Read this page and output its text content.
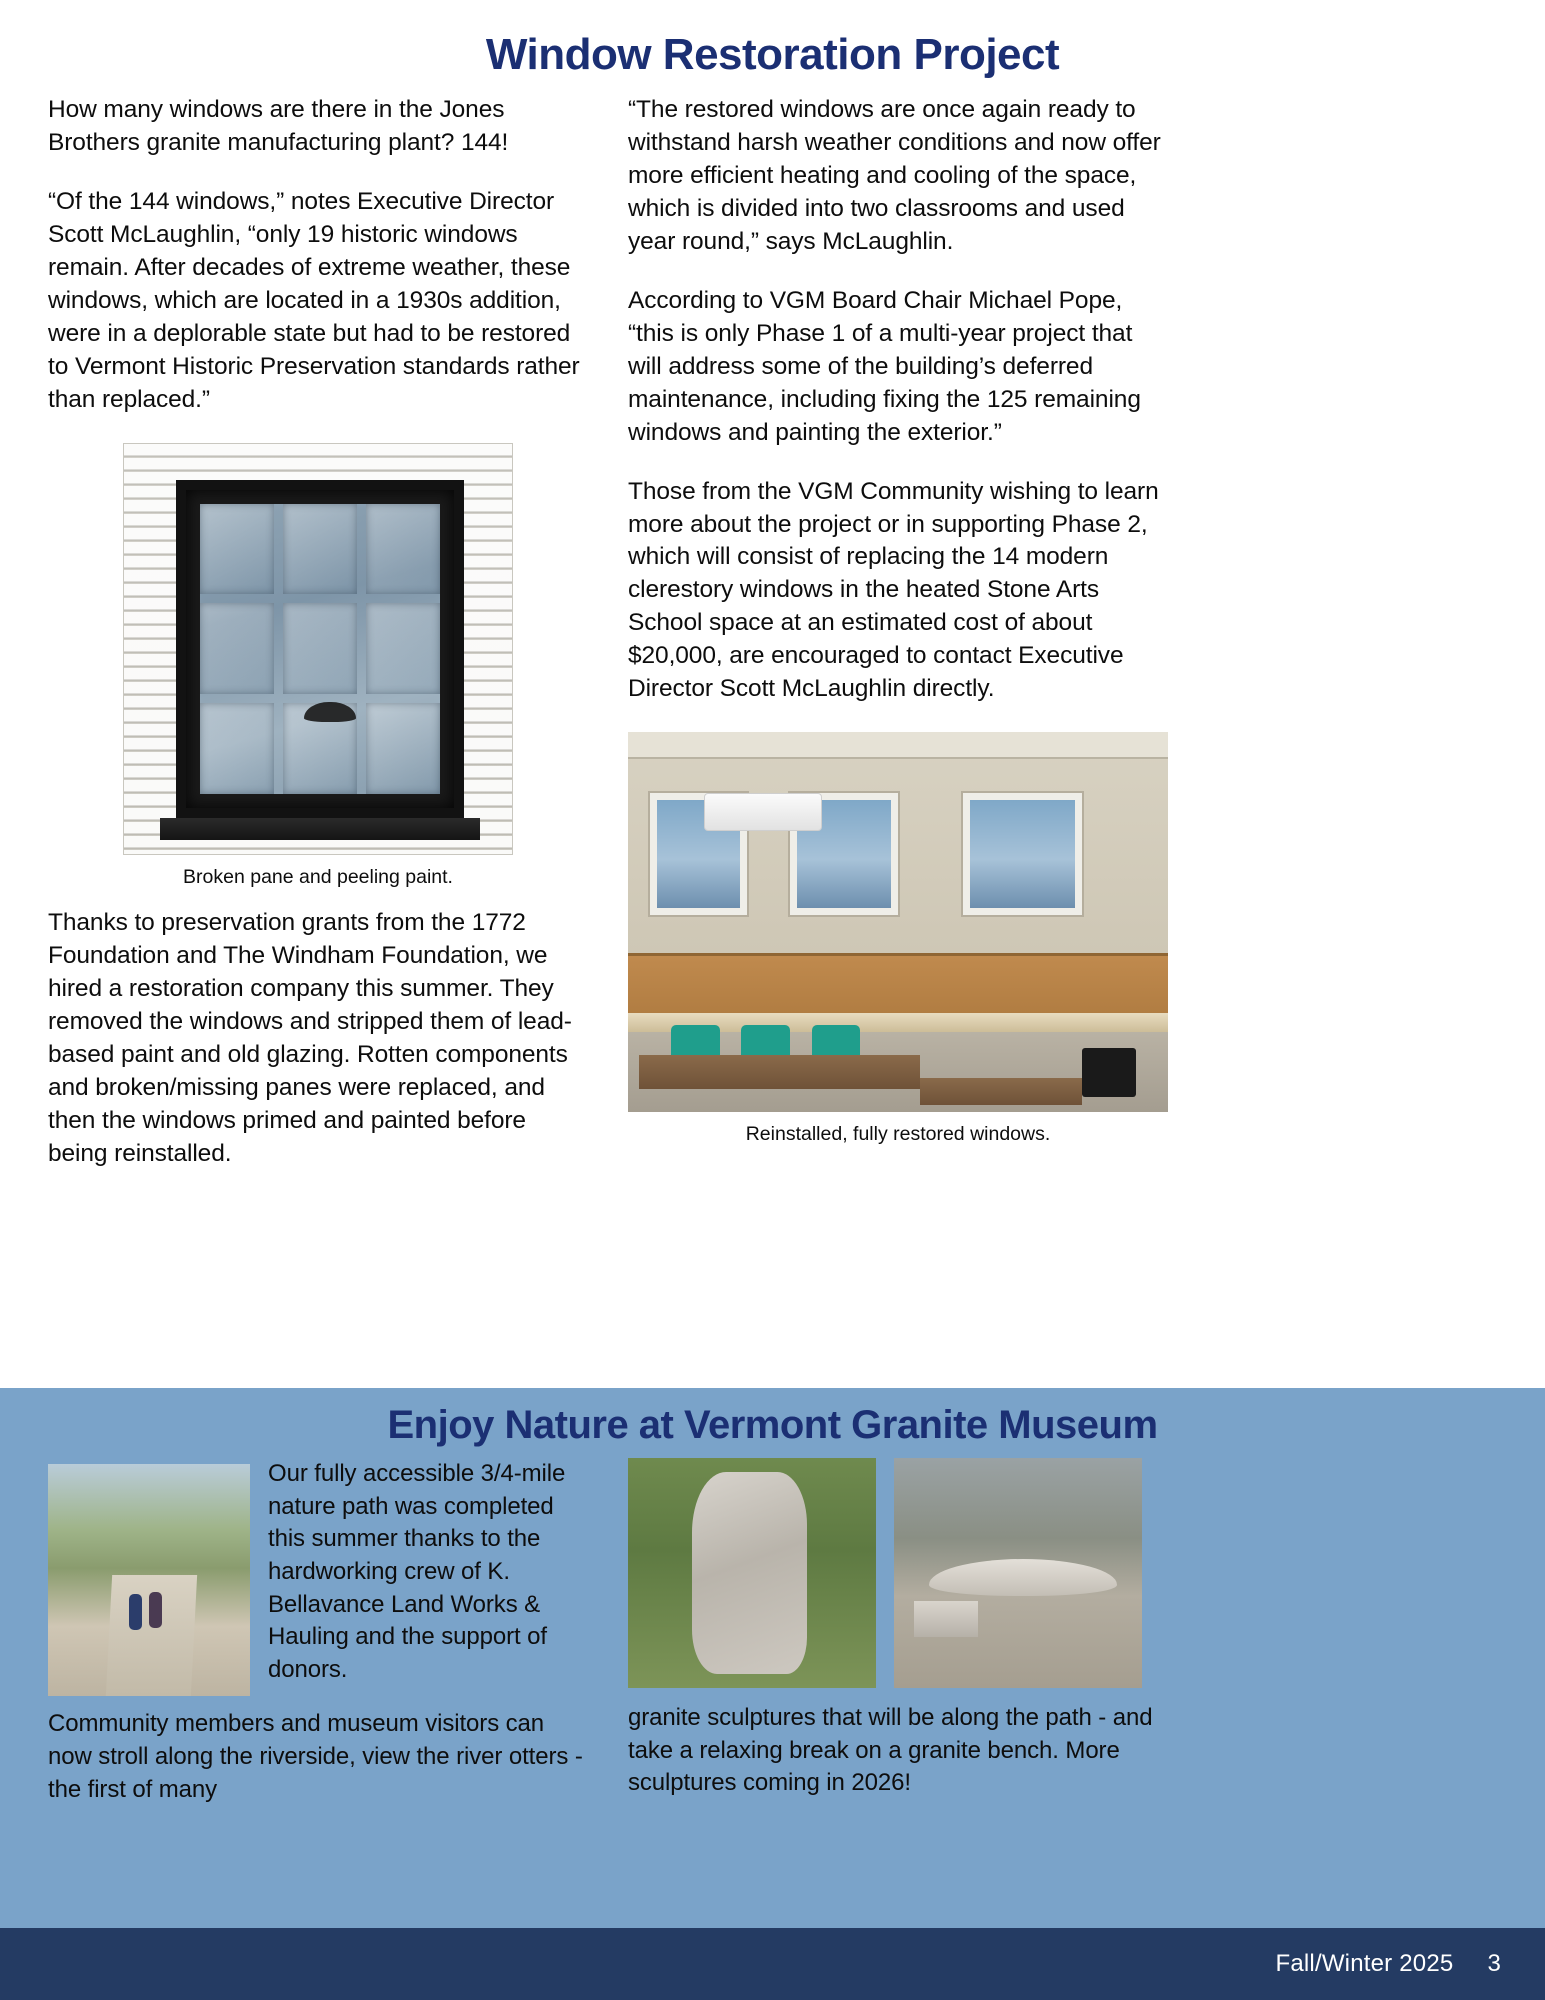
Window Restoration Project

How many windows are there in the Jones Brothers granite manufacturing plant? 144!

“Of the 144 windows,” notes Executive Director Scott McLaughlin, “only 19 historic windows remain. After decades of extreme weather, these windows, which are located in a 1930s addition, were in a deplorable state but had to be restored to Vermont Historic Preservation standards rather than replaced.”

Broken pane and peeling paint.

Thanks to preservation grants from the 1772 Foundation and The Windham Foundation, we hired a restoration company this summer. They removed the windows and stripped them of lead-based paint and old glazing. Rotten components and broken/missing panes were replaced, and then the windows primed and painted before being reinstalled.

“The restored windows are once again ready to withstand harsh weather conditions and now offer more efficient heating and cooling of the space, which is divided into two classrooms and used year round,” says McLaughlin.

According to VGM Board Chair Michael Pope, “this is only Phase 1 of a multi-year project that will address some of the building’s deferred maintenance, including fixing the 125 remaining windows and painting the exterior.”

Those from the VGM Community wishing to learn more about the project or in supporting Phase 2, which will consist of replacing the 14 modern clerestory windows in the heated Stone Arts School space at an estimated cost of about $20,000, are encouraged to contact Executive Director Scott McLaughlin directly.

Reinstalled, fully restored windows.
Enjoy Nature at Vermont Granite Museum

Our fully accessible 3/4-mile nature path was completed this summer thanks to the hardworking crew of K. Bellavance Land Works & Hauling and the support of donors.

Community members and museum visitors can now stroll along the riverside, view the river otters - the first of many

granite sculptures that will be along the path - and take a relaxing break on a granite bench. More sculptures coming in 2026!

Fall/Winter 2025 3
